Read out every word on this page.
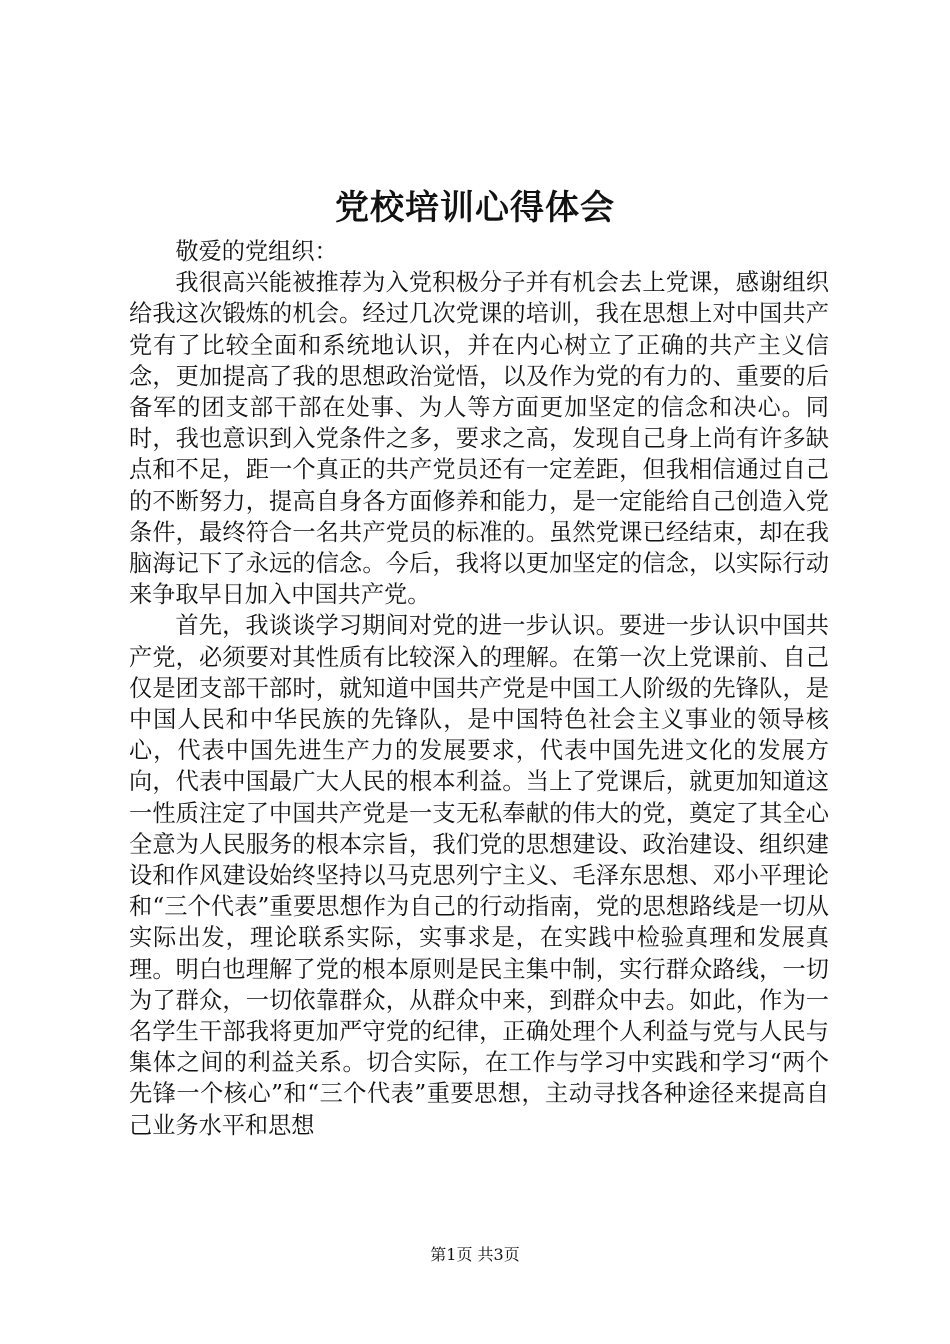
党校培训心得体会

敬爱的党组织：

我很高兴能被推荐为入党积极分子并有机会去上党课，感谢组织给我这次锻炼的机会。经过几次党课的培训，我在思想上对中国共产党有了比较全面和系统地认识，并在内心树立了正确的共产主义信念，更加提高了我的思想政治觉悟，以及作为党的有力的、重要的后备军的团支部干部在处事、为人等方面更加坚定的信念和决心。同时，我也意识到入党条件之多，要求之高，发现自己身上尚有许多缺点和不足，距一个真正的共产党员还有一定差距，但我相信通过自己的不断努力，提高自身各方面修养和能力，是一定能给自己创造入党条件，最终符合一名共产党员的标准的。虽然党课已经结束，却在我脑海记下了永远的信念。今后，我将以更加坚定的信念，以实际行动来争取早日加入中国共产党。

首先，我谈谈学习期间对党的进一步认识。要进一步认识中国共产党，必须要对其性质有比较深入的理解。在第一次上党课前、自己仅是团支部干部时，就知道中国共产党是中国工人阶级的先锋队，是中国人民和中华民族的先锋队，是中国特色社会主义事业的领导核心，代表中国先进生产力的发展要求，代表中国先进文化的发展方向，代表中国最广大人民的根本利益。当上了党课后，就更加知道这一性质注定了中国共产党是一支无私奉献的伟大的党，奠定了其全心全意为人民服务的根本宗旨，我们党的思想建设、政治建设、组织建设和作风建设始终坚持以马克思列宁主义、毛泽东思想、邓小平理论和“三个代表”重要思想作为自己的行动指南，党的思想路线是一切从实际出发，理论联系实际，实事求是，在实践中检验真理和发展真理。明白也理解了党的根本原则是民主集中制，实行群众路线，一切为了群众，一切依靠群众，从群众中来，到群众中去。如此，作为一名学生干部我将更加严守党的纪律，正确处理个人利益与党与人民与集体之间的利益关系。切合实际，在工作与学习中实践和学习“两个先锋一个核心”和“三个代表”重要思想，主动寻找各种途径来提高自己业务水平和思想

第1页 共3页
